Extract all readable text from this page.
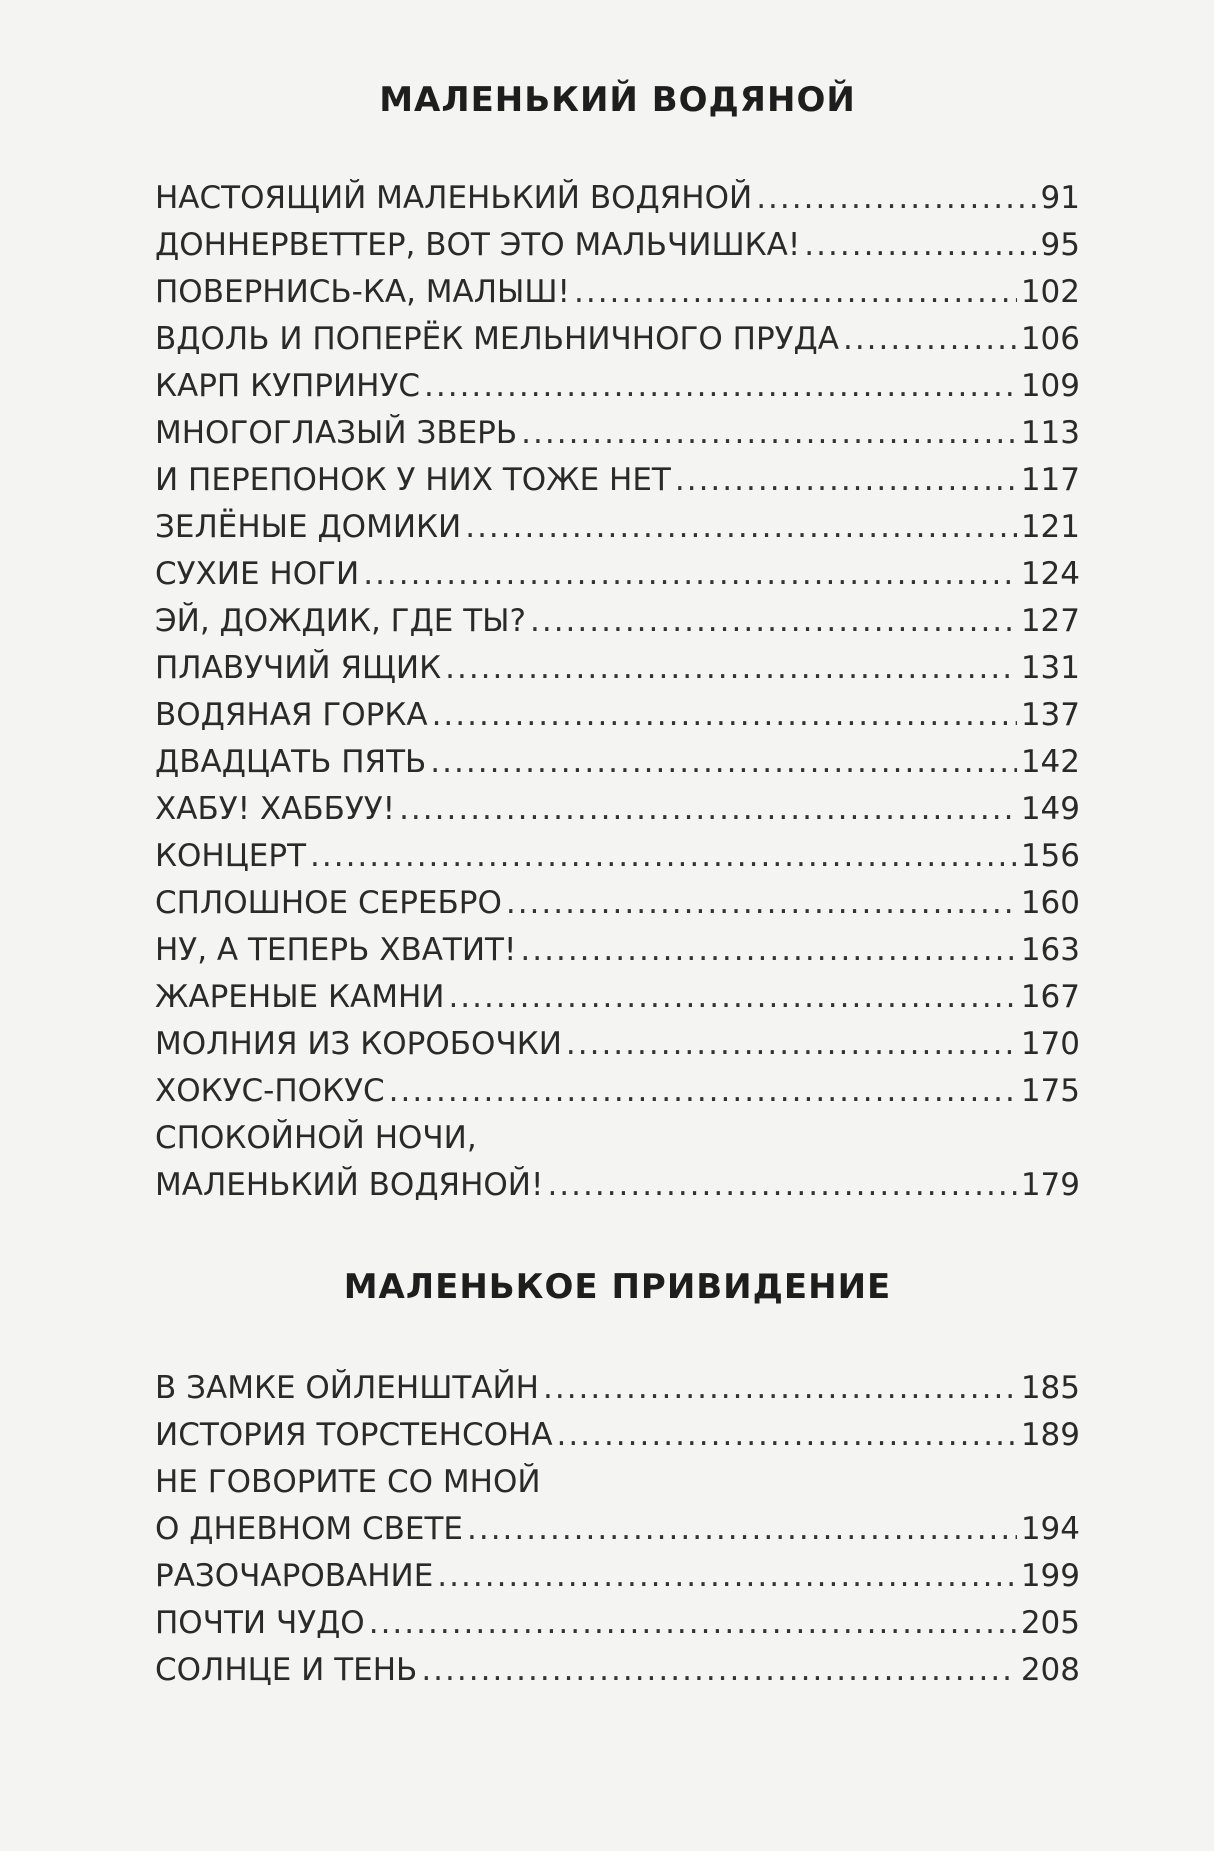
МАЛЕНЬКИЙ ВОДЯНОЙ
НАСТОЯЩИЙ МАЛЕНЬКИЙ ВОДЯНОЙ .....	91
ДОННЕРВЕТТЕР, ВОТ ЭТО МАЛЬЧИШКА! .....	95
ПОВЕРНИСЬ-КА, МАЛЫШ! .....	102
ВДОЛЬ И ПОПЕРЁК МЕЛЬНИЧНОГО ПРУДА .....	106
КАРП КУПРИНУС .....	109
МНОГОГЛАЗЫЙ ЗВЕРЬ .....	113
И ПЕРЕПОНОК У НИХ ТОЖЕ НЕТ .....	117
ЗЕЛЁНЫЕ ДОМИКИ .....	121
СУХИЕ НОГИ .....	124
ЭЙ, ДОЖДИК, ГДЕ ТЫ? .....	127
ПЛАВУЧИЙ ЯЩИК .....	131
ВОДЯНАЯ ГОРКА .....	137
ДВАДЦАТЬ ПЯТЬ .....	142
ХАБУ! ХАББУУ! .....	149
КОНЦЕРТ .....	156
СПЛОШНОЕ СЕРЕБРО .....	160
НУ, А ТЕПЕРЬ ХВАТИТ! .....	163
ЖАРЕНЫЕ КАМНИ .....	167
МОЛНИЯ ИЗ КОРОБОЧКИ .....	170
ХОКУС-ПОКУС .....	175
СПОКОЙНОЙ НОЧИ,
МАЛЕНЬКИЙ ВОДЯНОЙ! .....	179
МАЛЕНЬКОЕ ПРИВИДЕНИЕ
В ЗАМКЕ ОЙЛЕНШТАЙН .....	185
ИСТОРИЯ ТОРСТЕНСОНА .....	189
НЕ ГОВОРИТЕ СО МНОЙ
О ДНЕВНОМ СВЕТЕ .....	194
РАЗОЧАРОВАНИЕ .....	199
ПОЧТИ ЧУДО .....	205
СОЛНЦЕ И ТЕНЬ .....	208
